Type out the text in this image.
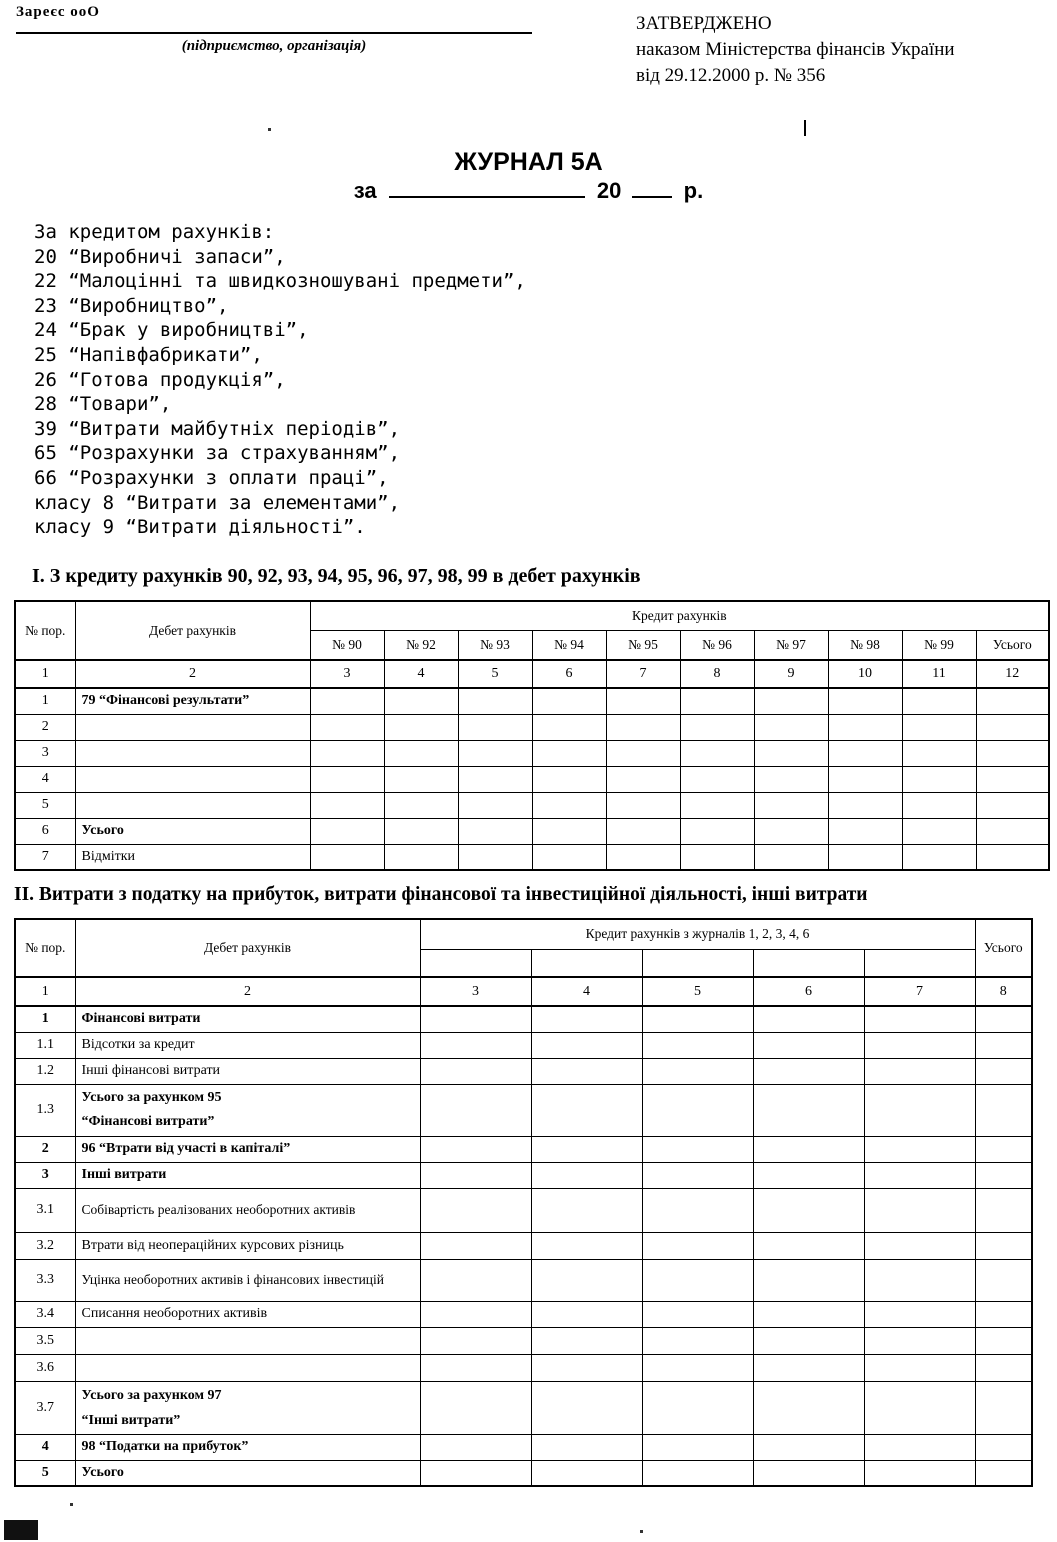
Зареєс ооО
(підприємство, організація)
ЗАТВЕРДЖЕНО
наказом Міністерства фінансів України
від 29.12.2000 р. № 356
ЖУРНАЛ 5А
за	20	р.
За кредитом рахунків:
20 “Виробничі запаси”,
22 “Малоцінні та швидкозношувані предмети”,
23 “Виробництво”,
24 “Брак у виробництві”,
25 “Напівфабрикати”,
26 “Готова продукція”,
28 “Товари”,
39 “Витрати майбутніх періодів”,
65 “Розрахунки за страхуванням”,
66 “Розрахунки з оплати праці”,
класу 8 “Витрати за елементами”,
класу 9 “Витрати діяльності”.
І. З кредиту рахунків 90, 92, 93, 94, 95, 96, 97, 98, 99 в дебет рахунків
№ пор.	Дебет рахунків	Кредит рахунків									
		№ 90	№ 92	№ 93	№ 94	№ 95	№ 96	№ 97	№ 98	№ 99	Усього
1	2	3	4	5	6	7	8	9	10	11	12
1	79 “Фінансові результати”										
2											
3											
4											
5											
6	Усього										
7	Відмітки										
ІІ. Витрати з податку на прибуток, витрати фінансової та інвестиційної діяльності, інші витрати
№ пор.	Дебет рахунків	Кредит рахунків з журналів 1, 2, 3, 4, 6					Усього

1	2	3	4	5	6	7	8
1	Фінансові витрати						
1.1	Відсотки за кредит						
1.2	Інші фінансові витрати						
1.3	Усього за рахунком 95
“Фінансові витрати”						

2	96 “Втрати від участі в капіталі”						
3	Інші витрати						
3.1	Собівартість реалізованих необоротних активів						
3.2	Втрати від неопераційних курсових різниць						
3.3	Уцінка необоротних активів і фінансових інвестицій						
3.4	Списання необоротних активів						
3.5							
3.6							
3.7	Усього за рахунком 97
“Інші витрати”						

4	98 “Податки на прибуток”						
5	Усього						
